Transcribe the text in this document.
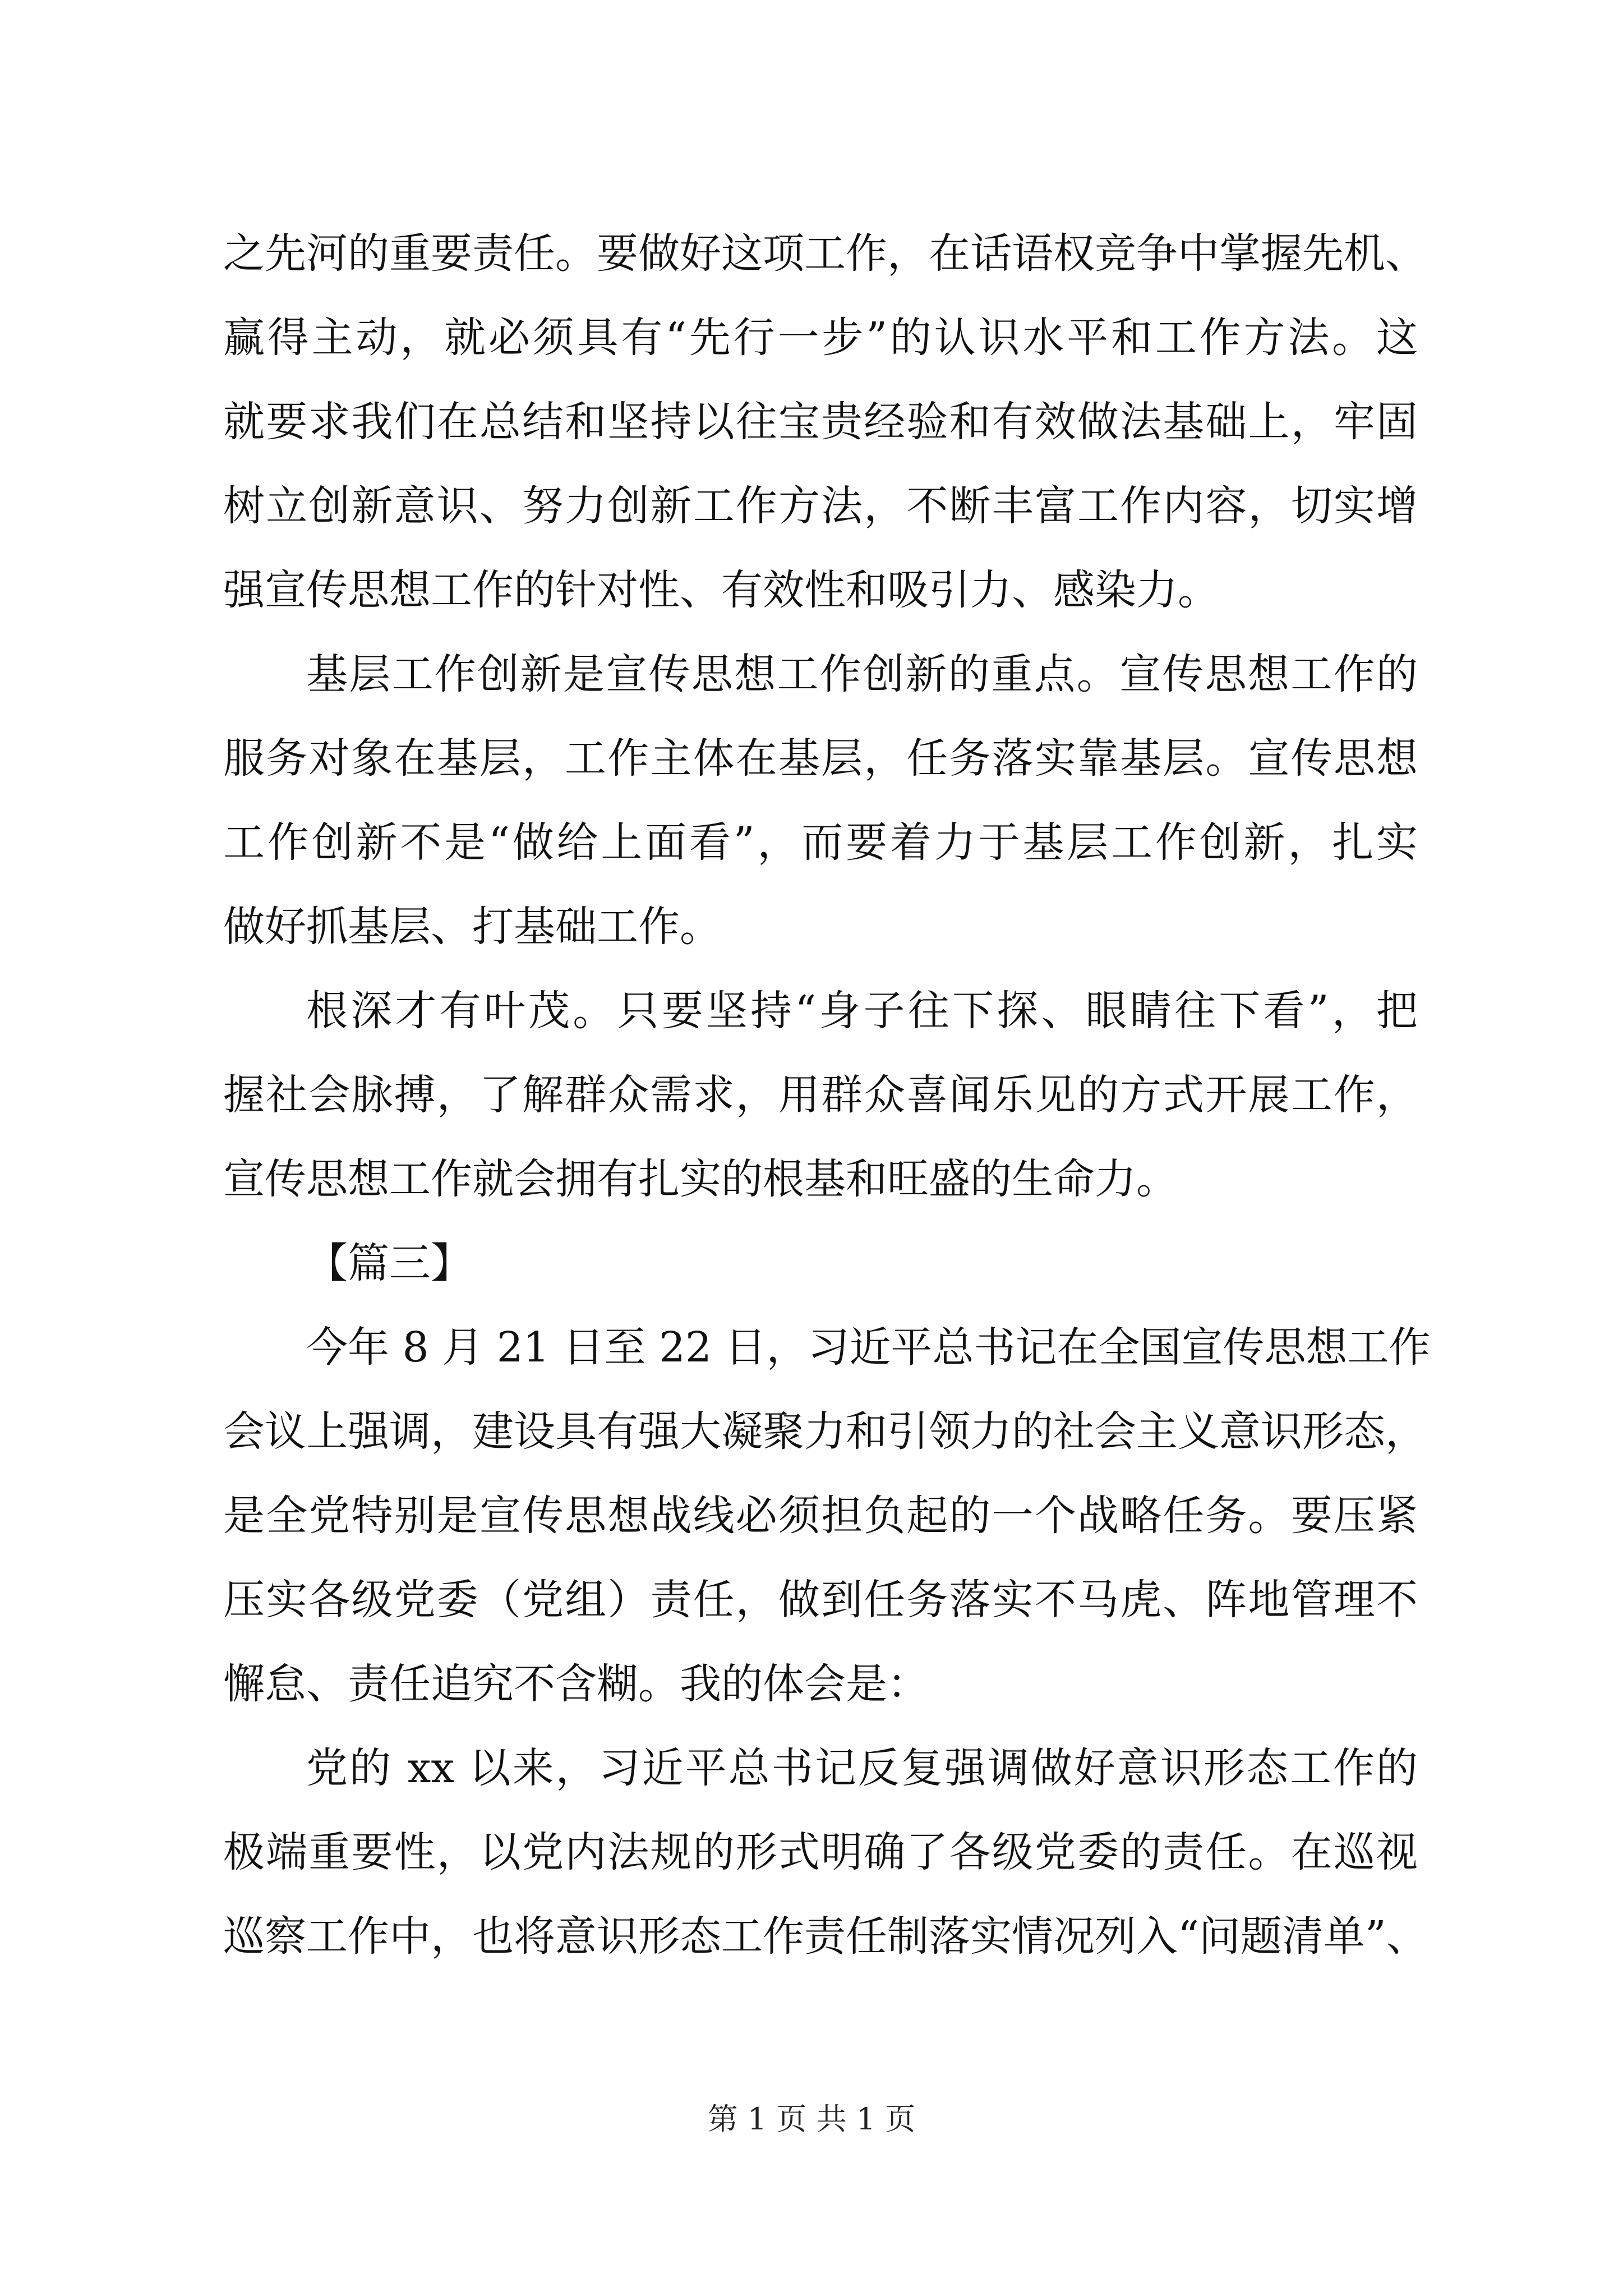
之先河的重要责任。要做好这项工作，在话语权竞争中掌握先机、
赢得主动，就必须具有“先行一步”的认识水平和工作方法。这
就要求我们在总结和坚持以往宝贵经验和有效做法基础上，牢固
树立创新意识、努力创新工作方法，不断丰富工作内容，切实增
强宣传思想工作的针对性、有效性和吸引力、感染力。
基层工作创新是宣传思想工作创新的重点。宣传思想工作的
服务对象在基层，工作主体在基层，任务落实靠基层。宣传思想
工作创新不是“做给上面看”，而要着力于基层工作创新，扎实
做好抓基层、打基础工作。
根深才有叶茂。只要坚持“身子往下探、眼睛往下看”，把
握社会脉搏，了解群众需求，用群众喜闻乐见的方式开展工作，
宣传思想工作就会拥有扎实的根基和旺盛的生命力。
【篇三】
今年 8 月 21 日至 22 日，习近平总书记在全国宣传思想工作
会议上强调，建设具有强大凝聚力和引领力的社会主义意识形态，
是全党特别是宣传思想战线必须担负起的一个战略任务。要压紧
压实各级党委（党组）责任，做到任务落实不马虎、阵地管理不
懈怠、责任追究不含糊。我的体会是：
党的 xx 以来，习近平总书记反复强调做好意识形态工作的
极端重要性，以党内法规的形式明确了各级党委的责任。在巡视
巡察工作中，也将意识形态工作责任制落实情况列入“问题清单”、
第 1 页 共 1 页
